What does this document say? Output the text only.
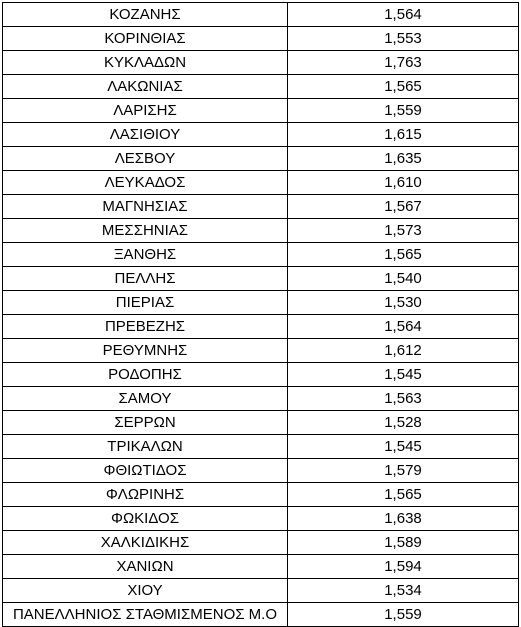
ΚΟΖΑΝΗΣ	1,564
ΚΟΡΙΝΘΙΑΣ	1,553
ΚΥΚΛΑΔΩΝ	1,763
ΛΑΚΩΝΙΑΣ	1,565
ΛΑΡΙΣΗΣ	1,559
ΛΑΣΙΘΙΟΥ	1,615
ΛΕΣΒΟΥ	1,635
ΛΕΥΚΑΔΟΣ	1,610
ΜΑΓΝΗΣΙΑΣ	1,567
ΜΕΣΣΗΝΙΑΣ	1,573
ΞΑΝΘΗΣ	1,565
ΠΕΛΛΗΣ	1,540
ΠΙΕΡΙΑΣ	1,530
ΠΡΕΒΕΖΗΣ	1,564
ΡΕΘΥΜΝΗΣ	1,612
ΡΟΔΟΠΗΣ	1,545
ΣΑΜΟΥ	1,563
ΣΕΡΡΩΝ	1,528
ΤΡΙΚΑΛΩΝ	1,545
ΦΘΙΩΤΙΔΟΣ	1,579
ΦΛΩΡΙΝΗΣ	1,565
ΦΩΚΙΔΟΣ	1,638
ΧΑΛΚΙΔΙΚΗΣ	1,589
ΧΑΝΙΩΝ	1,594
ΧΙΟΥ	1,534
ΠΑΝΕΛΛΗΝΙΟΣ ΣΤΑΘΜΙΣΜΕΝΟΣ Μ.Ο	1,559
